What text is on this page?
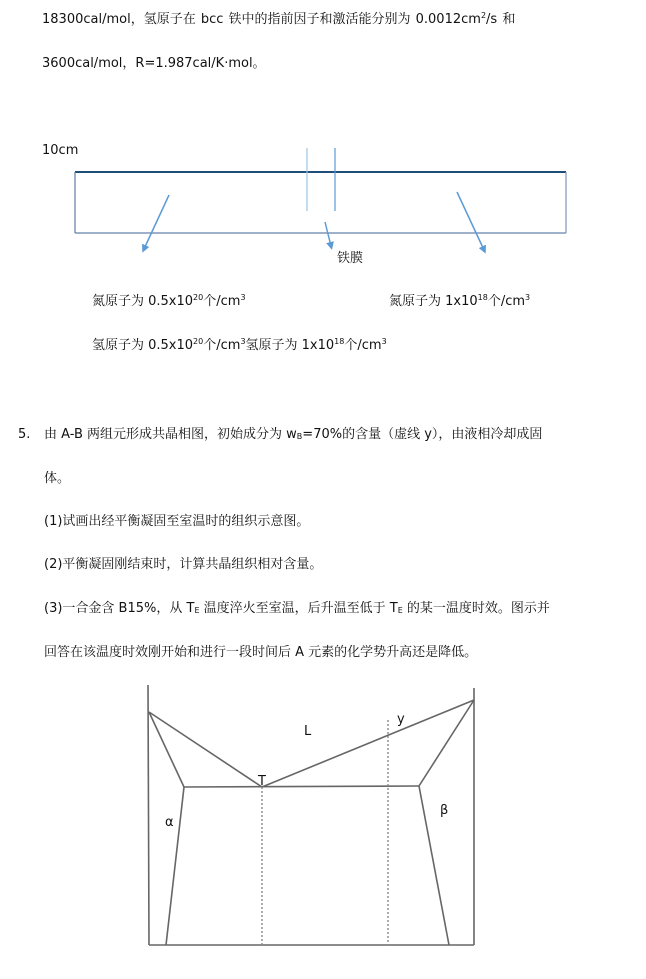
18300cal/mol，氢原子在 bcc 铁中的指前因子和激活能分别为 $0.0012cm^2/s$ 和
3600cal/mol，R=1.987cal/K·mol。
10cm
铁膜
氮原子为 $0.5x10^{20}$个$/cm^3$	氮原子为 $1x10^{18}$个$/cm^3$
氢原子为 $0.5x10^{20}$个$/cm^3$氢原子为 $1x10^{18}$个$/cm^3$
5. 由 A-B 两组元形成共晶相图，初始成分为 $w_B=70\%$的含量（虚线 y），由液相冷却成固
体。
(1)试画出经平衡凝固至室温时的组织示意图。
(2)平衡凝固刚结束时，计算共晶组织相对含量。
(3)一合金含 B15%，从 $T_E$ 温度淬火至室温，后升温至低于 $T_E$ 的某一温度时效。图示并
回答在该温度时效刚开始和进行一段时间后 A 元素的化学势升高还是降低。
L
T
y
α
β
